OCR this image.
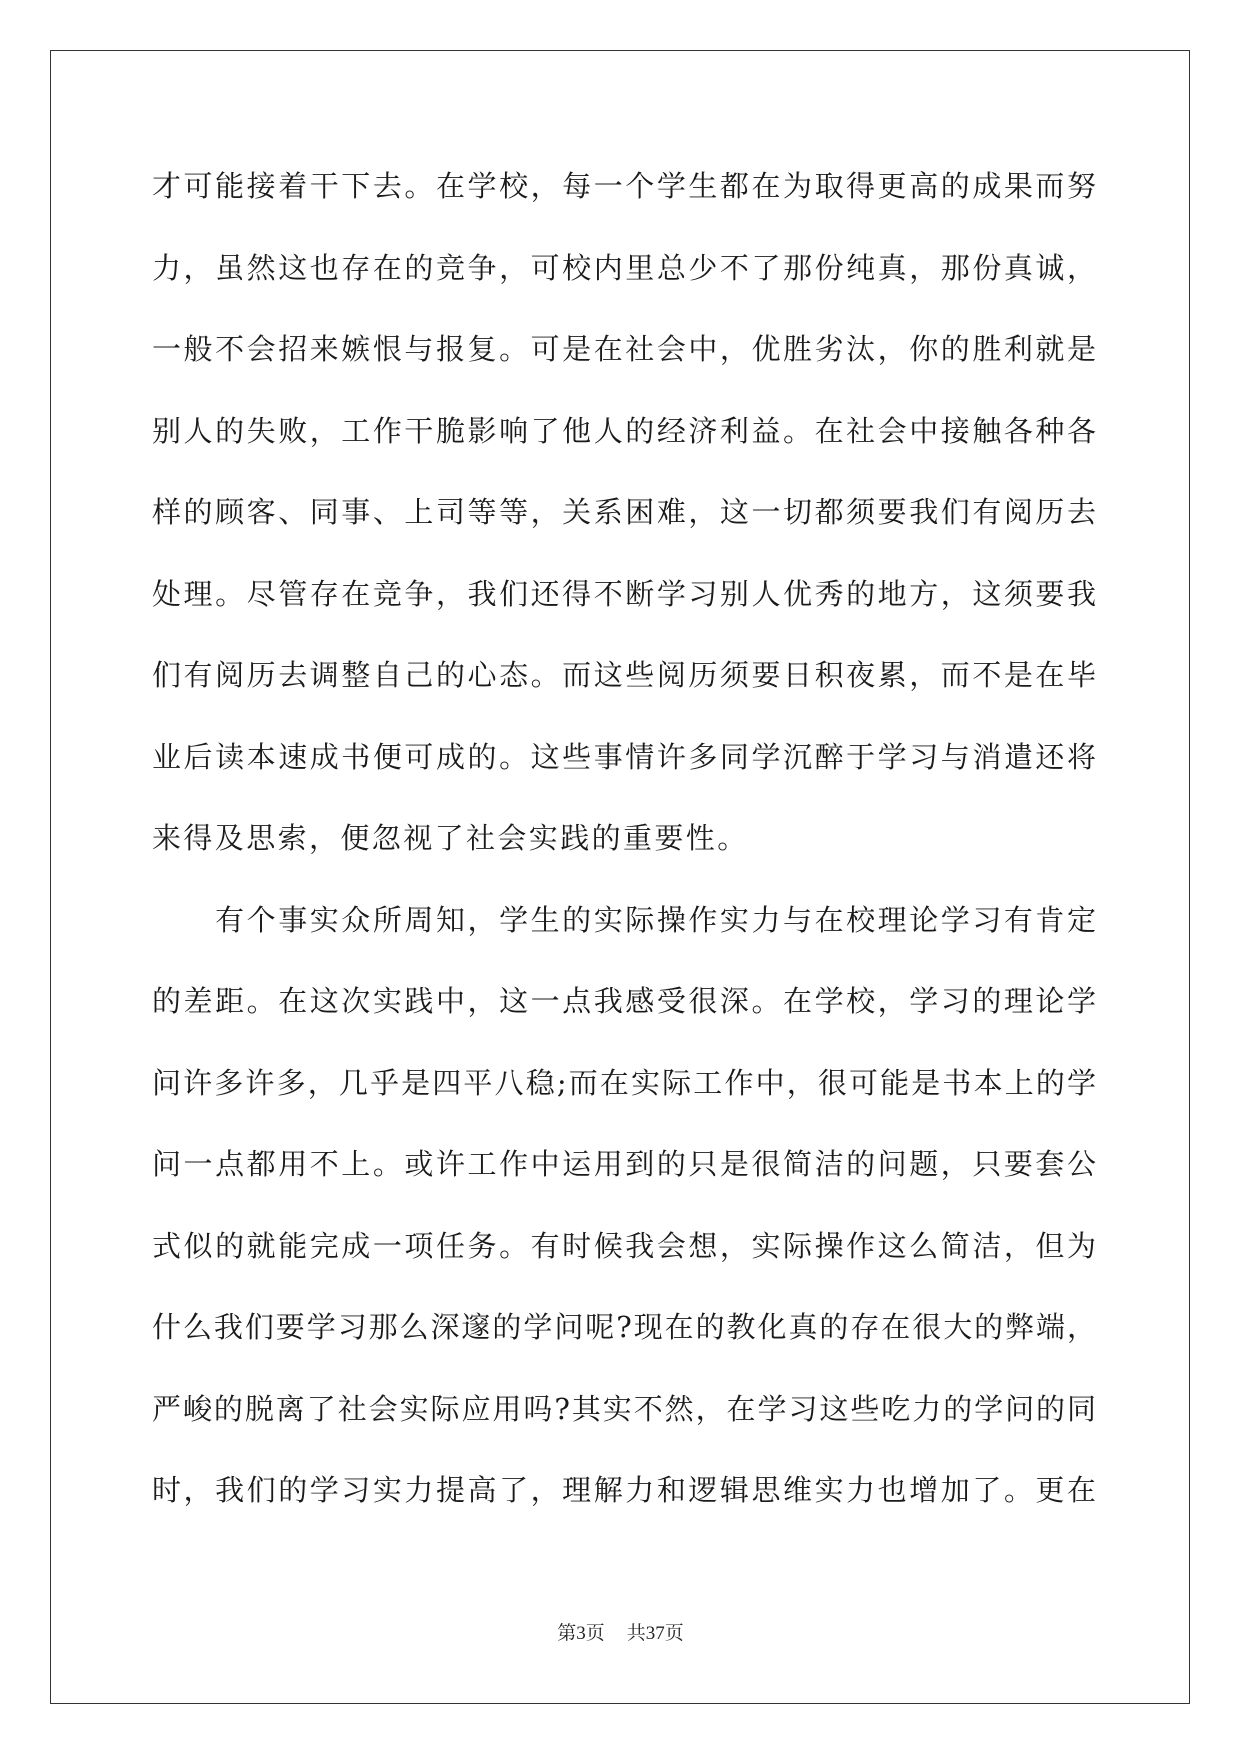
才可能接着干下去。在学校，每一个学生都在为取得更高的成果而努
力，虽然这也存在的竞争，可校内里总少不了那份纯真，那份真诚，
一般不会招来嫉恨与报复。可是在社会中，优胜劣汰，你的胜利就是
别人的失败，工作干脆影响了他人的经济利益。在社会中接触各种各
样的顾客、同事、上司等等，关系困难，这一切都须要我们有阅历去
处理。尽管存在竞争，我们还得不断学习别人优秀的地方，这须要我
们有阅历去调整自己的心态。而这些阅历须要日积夜累，而不是在毕
业后读本速成书便可成的。这些事情许多同学沉醉于学习与消遣还将
来得及思索，便忽视了社会实践的重要性。
　　有个事实众所周知，学生的实际操作实力与在校理论学习有肯定
的差距。在这次实践中，这一点我感受很深。在学校，学习的理论学
问许多许多，几乎是四平八稳;而在实际工作中，很可能是书本上的学
问一点都用不上。或许工作中运用到的只是很简洁的问题，只要套公
式似的就能完成一项任务。有时候我会想，实际操作这么简洁，但为
什么我们要学习那么深邃的学问呢?现在的教化真的存在很大的弊端，
严峻的脱离了社会实际应用吗?其实不然，在学习这些吃力的学问的同
时，我们的学习实力提高了，理解力和逻辑思维实力也增加了。更在
第3页 共37页
